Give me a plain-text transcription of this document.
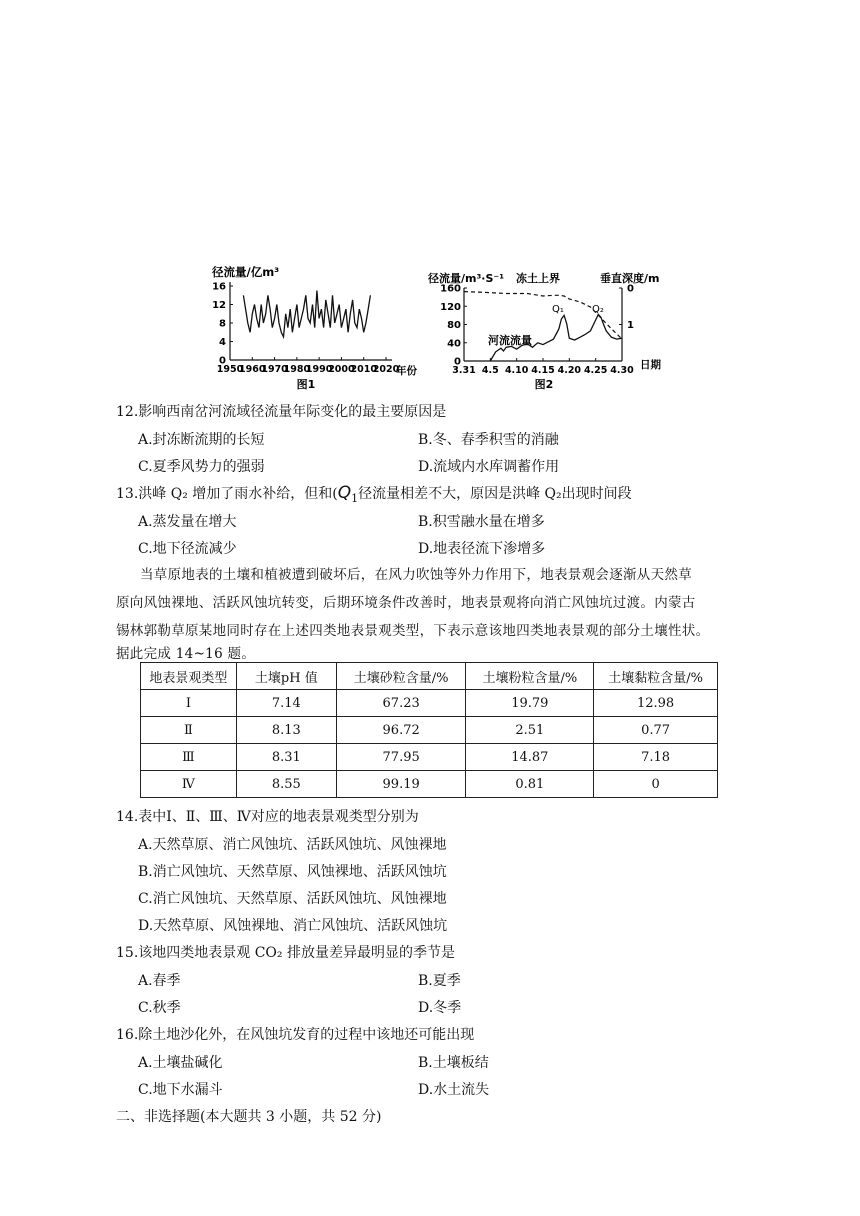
径流量/亿m³
年份
图1
0
4
8
12
16
1950
1960
1970
1980
1990
2000
2010
2020
径流量/m³·S⁻¹ 冻土上界	垂直深度/m
河流流量
Q₁	Q₂
日期
图2
0
40
80
120
160	0
1
3.31 4.5 4.10 4.15 4.20 4.25 4.30
12.影响西南岔河流域径流量年际变化的最主要原因是
A.封冻断流期的长短	B.冬、春季积雪的消融
C.夏季风势力的强弱	D.流域内水库调蓄作用
13.洪峰 Q₂ 增加了雨水补给，但和($Q_1$径流量相差不大，原因是洪峰 Q₂出现时间段
A.蒸发量在增大	B.积雪融水量在增多
C.地下径流减少	D.地表径流下渗增多
当草原地表的土壤和植被遭到破坏后，在风力吹蚀等外力作用下，地表景观会逐渐从天然草
原向风蚀裸地、活跃风蚀坑转变，后期环境条件改善时，地表景观将向消亡风蚀坑过渡。内蒙古
锡林郭勒草原某地同时存在上述四类地表景观类型，下表示意该地四类地表景观的部分土壤性状。
据此完成 14~16 题。
地表景观类型	土壤pH 值	土壤砂粒含量/%	土壤粉粒含量/%	土壤黏粒含量/%
Ⅰ	7.14	67.23	19.79	12.98
Ⅱ	8.13	96.72	2.51	0.77
Ⅲ	8.31	77.95	14.87	7.18
Ⅳ	8.55	99.19	0.81	0
14.表中Ⅰ、Ⅱ、Ⅲ、Ⅳ对应的地表景观类型分别为
A.天然草原、消亡风蚀坑、活跃风蚀坑、风蚀裸地
B.消亡风蚀坑、天然草原、风蚀裸地、活跃风蚀坑
C.消亡风蚀坑、天然草原、活跃风蚀坑、风蚀裸地
D.天然草原、风蚀裸地、消亡风蚀坑、活跃风蚀坑
15.该地四类地表景观 CO₂ 排放量差异最明显的季节是
A.春季	B.夏季
C.秋季	D.冬季
16.除土地沙化外，在风蚀坑发育的过程中该地还可能出现
A.土壤盐碱化	B.土壤板结
C.地下水漏斗	D.水土流失
二、非选择题(本大题共 3 小题，共 52 分)
